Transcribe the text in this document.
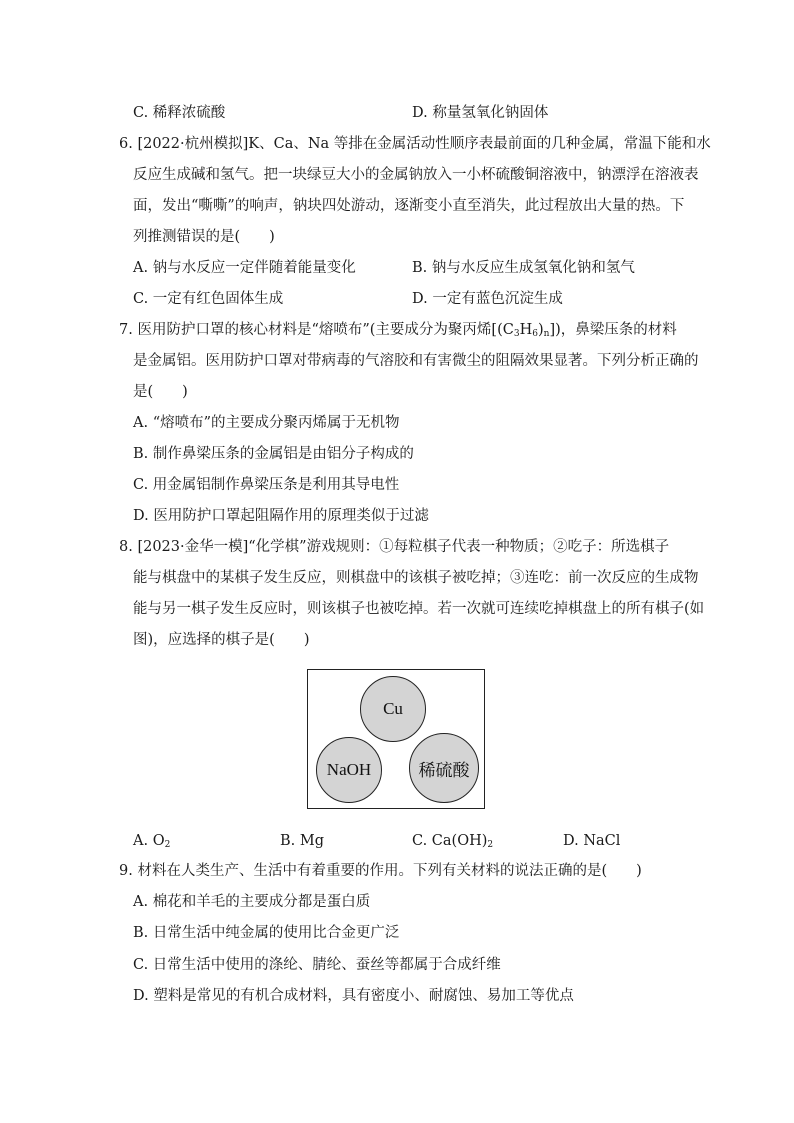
C. 稀释浓硫酸	D. 称量氢氧化钠固体
6. [2022·杭州模拟]K、Ca、Na 等排在金属活动性顺序表最前面的几种金属，常温下能和水
反应生成碱和氢气。把一块绿豆大小的金属钠放入一小杯硫酸铜溶液中，钠漂浮在溶液表
面，发出“嘶嘶”的响声，钠块四处游动，逐渐变小直至消失，此过程放出大量的热。下
列推测错误的是(　　)
A. 钠与水反应一定伴随着能量变化	B. 钠与水反应生成氢氧化钠和氢气
C. 一定有红色固体生成	D. 一定有蓝色沉淀生成
7. 医用防护口罩的核心材料是“熔喷布”(主要成分为聚丙烯$[(C_3H_6)_n]$)，鼻梁压条的材料
是金属铝。医用防护口罩对带病毒的气溶胶和有害微尘的阻隔效果显著。下列分析正确的
是(　　)
A. “熔喷布”的主要成分聚丙烯属于无机物
B. 制作鼻梁压条的金属铝是由铝分子构成的
C. 用金属铝制作鼻梁压条是利用其导电性
D. 医用防护口罩起阻隔作用的原理类似于过滤
8. [2023·金华一模]“化学棋”游戏规则：①每粒棋子代表一种物质；②吃子：所选棋子
能与棋盘中的某棋子发生反应，则棋盘中的该棋子被吃掉；③连吃：前一次反应的生成物
能与另一棋子发生反应时，则该棋子也被吃掉。若一次就可连续吃掉棋盘上的所有棋子(如
图)，应选择的棋子是(　　)
Cu
NaOH	稀硫酸
A. $O_2$	B. Mg	C. $Ca(OH)_2$	D. NaCl
9. 材料在人类生产、生活中有着重要的作用。下列有关材料的说法正确的是(　　)
A. 棉花和羊毛的主要成分都是蛋白质
B. 日常生活中纯金属的使用比合金更广泛
C. 日常生活中使用的涤纶、腈纶、蚕丝等都属于合成纤维
D. 塑料是常见的有机合成材料，具有密度小、耐腐蚀、易加工等优点
